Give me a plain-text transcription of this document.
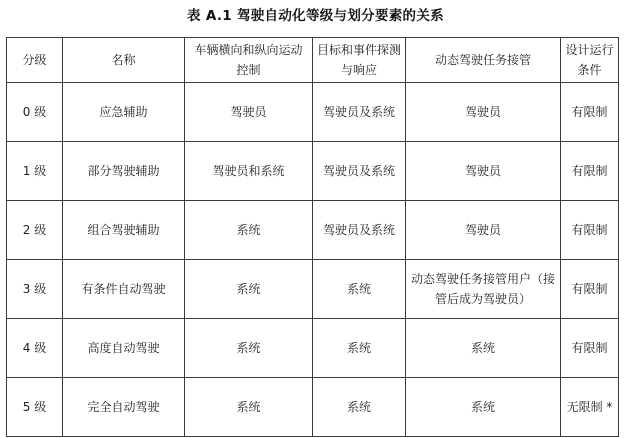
表 A.1 驾驶自动化等级与划分要素的关系
分级	名称	车辆横向和纵向运动控制	目标和事件探测与响应	动态驾驶任务接管	设计运行条件
0 级	应急辅助	驾驶员	驾驶员及系统	驾驶员	有限制
1 级	部分驾驶辅助	驾驶员和系统	驾驶员及系统	驾驶员	有限制
2 级	组合驾驶辅助	系统	驾驶员及系统	驾驶员	有限制
3 级	有条件自动驾驶	系统	系统	动态驾驶任务接管用户（接管后成为驾驶员）	有限制
4 级	高度自动驾驶	系统	系统	系统	有限制
5 级	完全自动驾驶	系统	系统	系统	无限制 *
